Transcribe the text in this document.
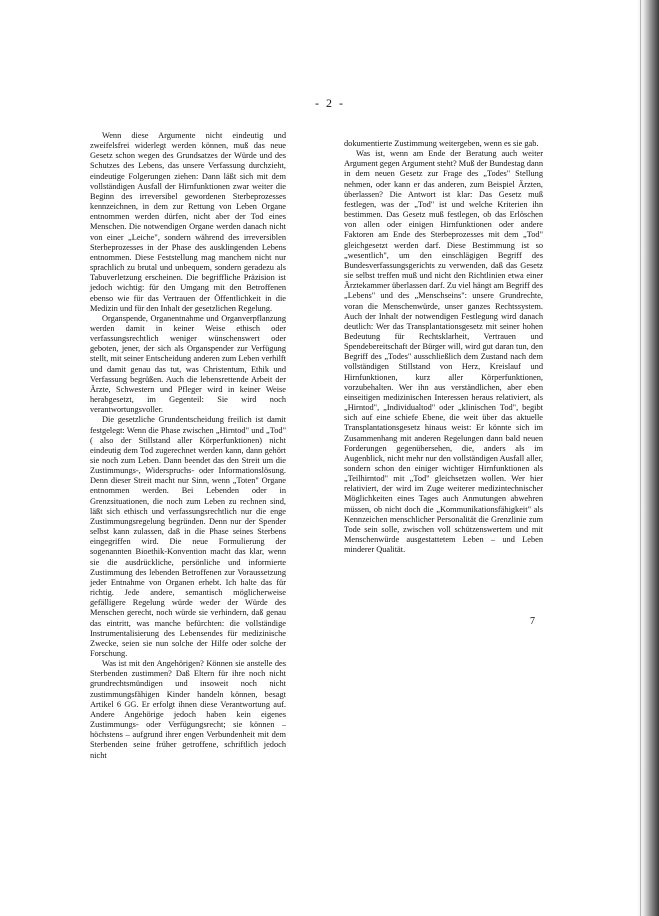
- 2 -

Wenn diese Argumente nicht eindeutig und zweifelsfrei widerlegt werden können, muß das neue Gesetz schon wegen des Grundsatzes der Würde und des Schutzes des Lebens, das unsere Verfassung durchzieht, eindeutige Folgerungen ziehen: Dann läßt sich mit dem vollständigen Ausfall der Hirnfunktionen zwar weiter die Beginn des irreversibel gewordenen Sterbeprozesses kennzeichnen, in dem zur Rettung von Leben Organe entnommen werden dürfen, nicht aber der Tod eines Menschen. Die notwendigen Organe werden danach nicht von einer „Leiche", sondern während des irreversiblen Sterbeprozesses in der Phase des ausklingenden Lebens entnommen. Diese Feststellung mag manchem nicht nur sprachlich zu brutal und unbequem, sondern geradezu als Tabuverletzung erscheinen. Die begriffliche Präzision ist jedoch wichtig: für den Umgang mit den Betroffenen ebenso wie für das Vertrauen der Öffentlichkeit in die Medizin und für den Inhalt der gesetzlichen Regelung.

Organspende, Organentnahme und Organverpflanzung werden damit in keiner Weise ethisch oder verfassungsrechtlich weniger wünschenswert oder geboten, jener, der sich als Organspender zur Verfügung stellt, mit seiner Entscheidung anderen zum Leben verhilft und damit genau das tut, was Christentum, Ethik und Verfassung begrüßen. Auch die lebensrettende Arbeit der Ärzte, Schwestern und Pfleger wird in keiner Weise herabgesetzt, im Gegenteil: Sie wird noch verantwortungsvoller.

Die gesetzliche Grundentscheidung freilich ist damit festgelegt: Wenn die Phase zwischen „Hirntod" und „Tod" ( also der Stillstand aller Körperfunktionen) nicht eindeutig dem Tod zugerechnet werden kann, dann gehört sie noch zum Leben. Dann beendet das den Streit um die Zustimmungs-, Widerspruchs- oder Informationslösung. Denn dieser Streit macht nur Sinn, wenn „Toten" Organe entnommen werden. Bei Lebenden oder in Grenzsituationen, die noch zum Leben zu rechnen sind, läßt sich ethisch und verfassungsrechtlich nur die enge Zustimmungsregelung begründen. Denn nur der Spender selbst kann zulassen, daß in die Phase seines Sterbens eingegriffen wird. Die neue Formulierung der sogenannten Bioethik-Konvention macht das klar, wenn sie die ausdrückliche, persönliche und informierte Zustimmung des lebenden Betroffenen zur Voraussetzung jeder Entnahme von Organen erhebt. Ich halte das für richtig. Jede andere, semantisch möglicherweise gefälligere Regelung würde weder der Würde des Menschen gerecht, noch würde sie verhindern, daß genau das eintritt, was manche befürchten: die vollständige Instrumentalisierung des Lebensendes für medizinische Zwecke, seien sie nun solche der Hilfe oder solche der Forschung.

Was ist mit den Angehörigen? Können sie anstelle des Sterbenden zustimmen? Daß Eltern für ihre noch nicht grundrechtsmündigen und insoweit noch nicht zustimmungsfähigen Kinder handeln können, besagt Artikel 6 GG. Er erfolgt ihnen diese Verantwortung auf. Andere Angehörige jedoch haben kein eigenes Zustimmungs- oder Verfügungsrecht; sie können – höchstens – aufgrund ihrer engen Verbundenheit mit dem Sterbenden seine früher getroffene, schriftlich jedoch nicht

dokumentierte Zustimmung weitergeben, wenn es sie gab.

Was ist, wenn am Ende der Beratung auch weiter Argument gegen Argument steht? Muß der Bundestag dann in dem neuen Gesetz zur Frage des „Todes" Stellung nehmen, oder kann er das anderen, zum Beispiel Ärzten, überlassen? Die Antwort ist klar: Das Gesetz muß festlegen, was der „Tod" ist und welche Kriterien ihn bestimmen. Das Gesetz muß festlegen, ob das Erlöschen von allen oder einigen Hirnfunktionen oder andere Faktoren am Ende des Sterbeprozesses mit dem „Tod" gleichgesetzt werden darf. Diese Bestimmung ist so „wesentlich", um den einschlägigen Begriff des Bundesverfassungsgerichts zu verwenden, daß das Gesetz sie selbst treffen muß und nicht den Richtlinien etwa einer Ärztekammer überlassen darf. Zu viel hängt am Begriff des „Lebens" und des „Menschseins": unsere Grundrechte, voran die Menschenwürde, unser ganzes Rechtssystem. Auch der Inhalt der notwendigen Festlegung wird danach deutlich: Wer das Transplantationsgesetz mit seiner hohen Bedeutung für Rechtsklarheit, Vertrauen und Spendebereitschaft der Bürger will, wird gut daran tun, den Begriff des „Todes" ausschließlich dem Zustand nach dem vollständigen Stillstand von Herz, Kreislauf und Hirnfunktionen, kurz aller Körperfunktionen, vorzubehalten. Wer ihn aus verständlichen, aber eben einseitigen medizinischen Interessen heraus relativiert, als „Hirntod", „Individualtod" oder „klinischen Tod", begibt sich auf eine schiefe Ebene, die weit über das aktuelle Transplantationsgesetz hinaus weist: Er könnte sich im Zusammenhang mit anderen Regelungen dann bald neuen Forderungen gegenübersehen, die, anders als im Augenblick, nicht mehr nur den vollständigen Ausfall aller, sondern schon den einiger wichtiger Hirnfunktionen als „Teilhirntod" mit „Tod" gleichsetzen wollen. Wer hier relativiert, der wird im Zuge weiterer medizintechnischer Möglichkeiten eines Tages auch Anmutungen abwehren müssen, ob nicht doch die „Kommunikationsfähigkeit" als Kennzeichen menschlicher Personalität die Grenzlinie zum Tode sein solle, zwischen voll schützenswertem und mit Menschenwürde ausgestattetem Leben – und Leben minderer Qualität.

7
